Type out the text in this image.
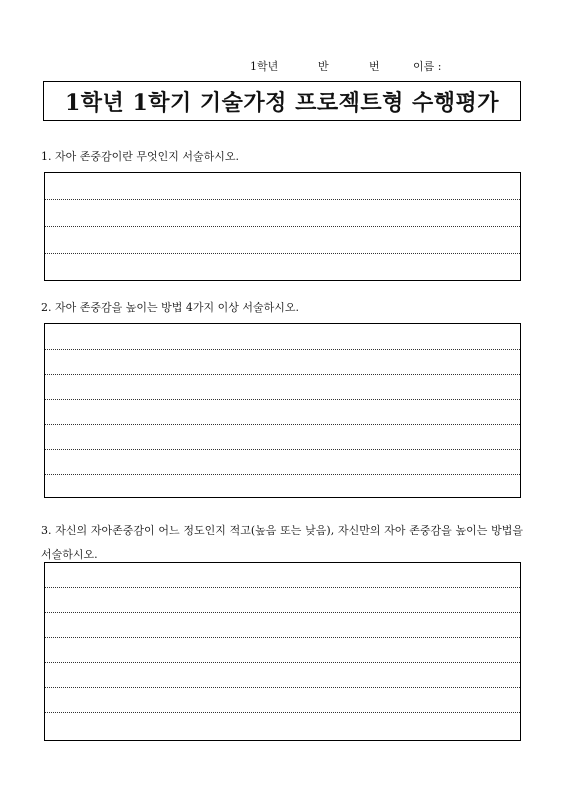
1학년	반	번	이름 :
1학년 1학기 기술가정 프로젝트형 수행평가
1. 자아 존중감이란 무엇인지 서술하시오.
2. 자아 존중감을 높이는 방법 4가지 이상 서술하시오.
3. 자신의 자아존중감이 어느 정도인지 적고(높음 또는 낮음), 자신만의 자아 존중감을 높이는 방법을 서술하시오.
